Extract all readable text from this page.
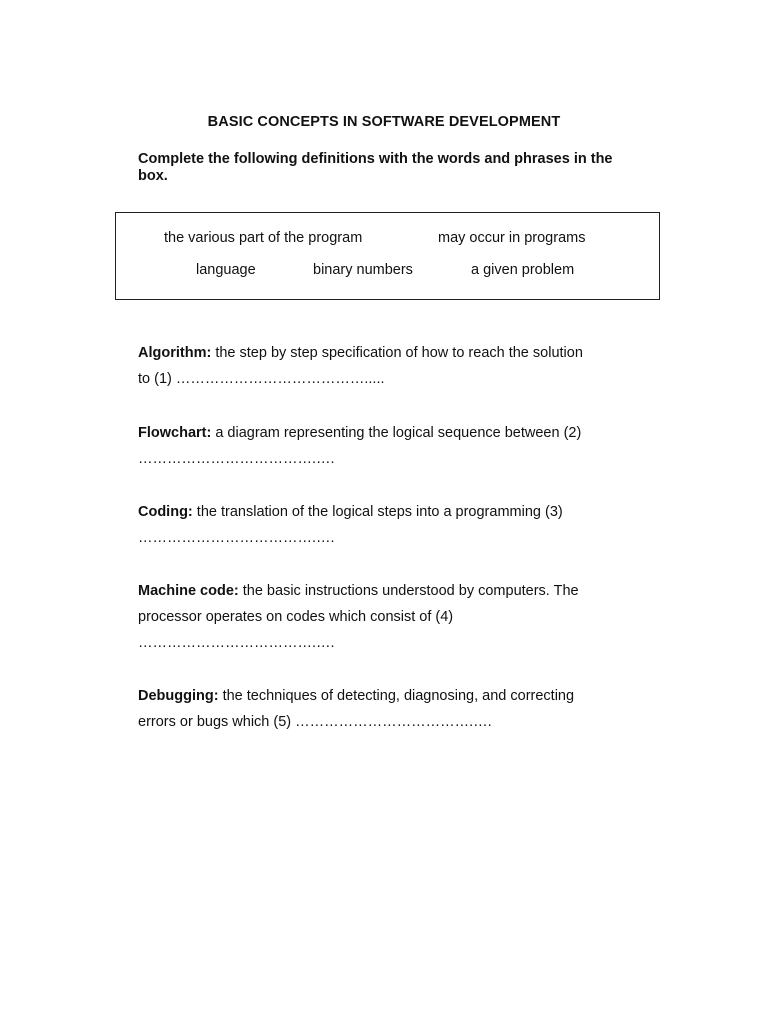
BASIC CONCEPTS IN SOFTWARE DEVELOPMENT
Complete the following definitions with the words and phrases in the box.
the various part of the program	may occur in programs
language	binary numbers	a given problem
Algorithm: the step by step specification of how to reach the solution
to (1) ………………………………….....
Flowchart: a diagram representing the logical sequence between (2)
……………………………….….
Coding: the translation of the logical steps into a programming (3)
……………………………….….
Machine code: the basic instructions understood by computers. The
processor operates on codes which consist of (4)
……………………………….….
Debugging: the techniques of detecting, diagnosing, and correcting
errors or bugs which (5) ……………………………….….
